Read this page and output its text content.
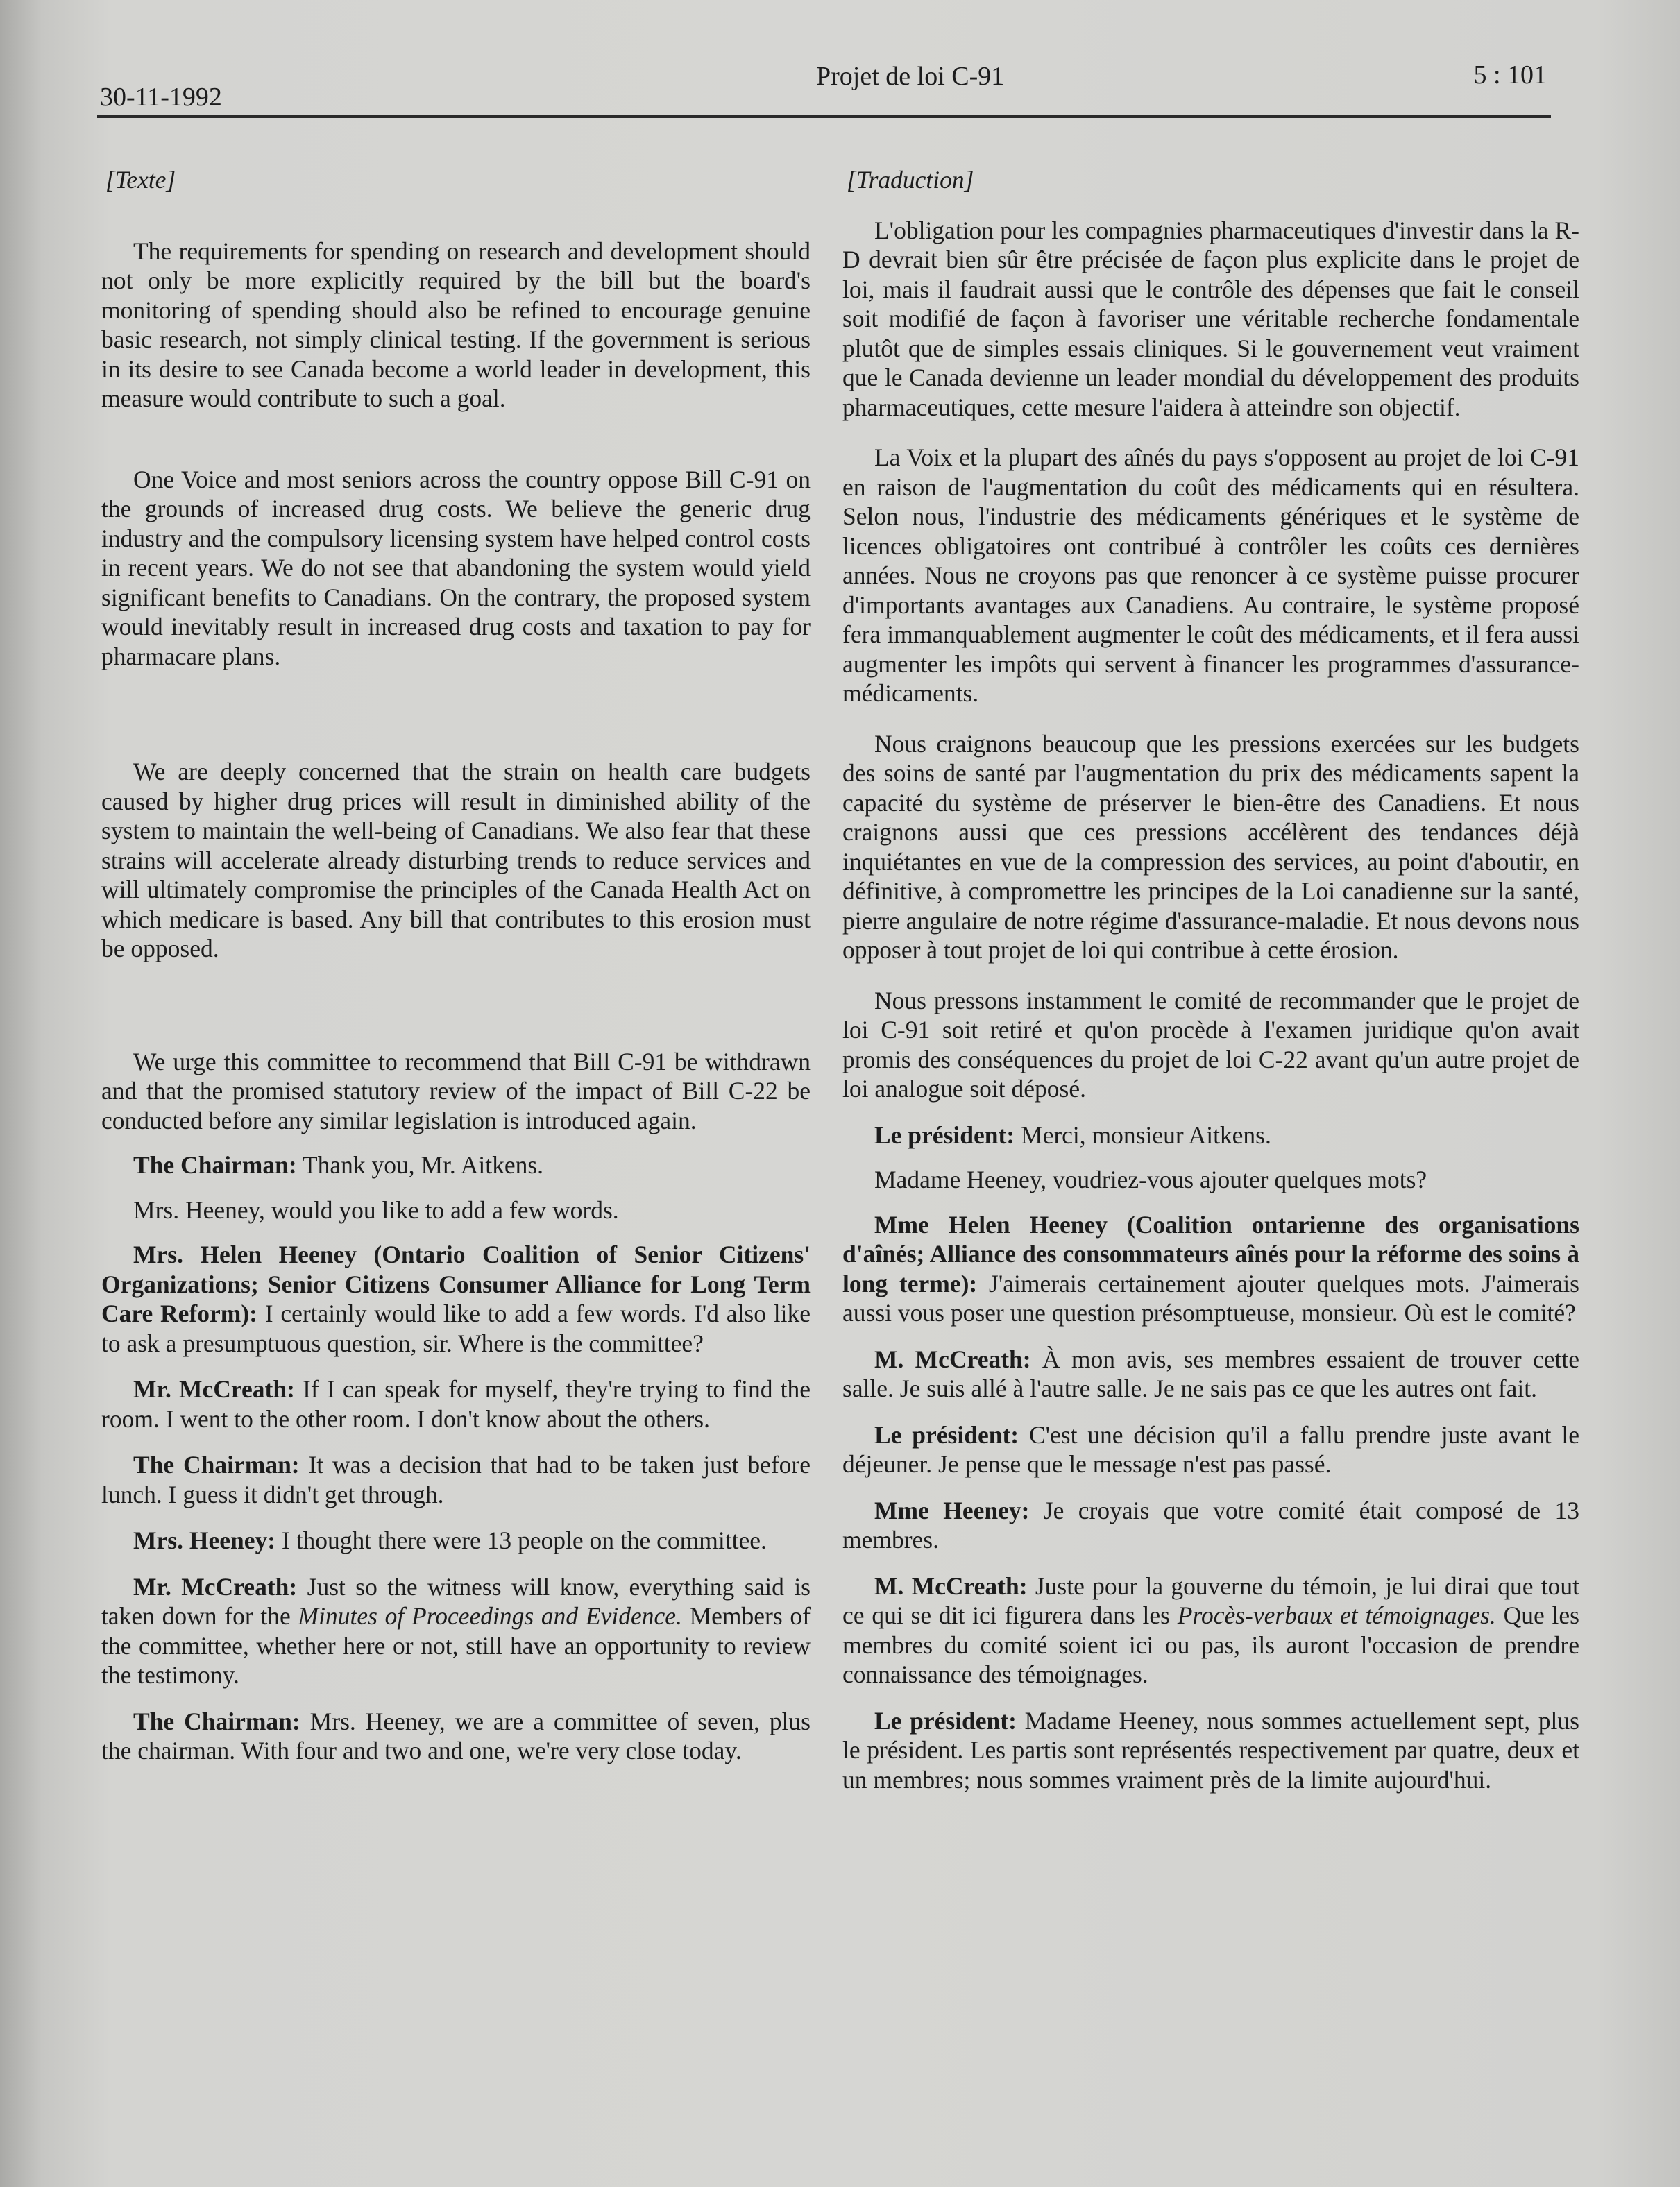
30-11-1992
Projet de loi C-91	5 : 101
[Texte]

The requirements for spending on research and development should not only be more explicitly required by the bill but the board's monitoring of spending should also be refined to encourage genuine basic research, not simply clinical testing. If the government is serious in its desire to see Canada become a world leader in development, this measure would contribute to such a goal.

One Voice and most seniors across the country oppose Bill C-91 on the grounds of increased drug costs. We believe the generic drug industry and the compulsory licensing system have helped control costs in recent years. We do not see that abandoning the system would yield significant benefits to Canadians. On the contrary, the proposed system would inevitably result in increased drug costs and taxation to pay for pharmacare plans.

We are deeply concerned that the strain on health care budgets caused by higher drug prices will result in diminished ability of the system to maintain the well-being of Canadians. We also fear that these strains will accelerate already disturbing trends to reduce services and will ultimately compromise the principles of the Canada Health Act on which medicare is based. Any bill that contributes to this erosion must be opposed.

We urge this committee to recommend that Bill C-91 be withdrawn and that the promised statutory review of the impact of Bill C-22 be conducted before any similar legislation is introduced again.

The Chairman: Thank you, Mr. Aitkens.

Mrs. Heeney, would you like to add a few words.

Mrs. Helen Heeney (Ontario Coalition of Senior Citizens' Organizations; Senior Citizens Consumer Alliance for Long Term Care Reform): I certainly would like to add a few words. I'd also like to ask a presumptuous question, sir. Where is the committee?

Mr. McCreath: If I can speak for myself, they're trying to find the room. I went to the other room. I don't know about the others.

The Chairman: It was a decision that had to be taken just before lunch. I guess it didn't get through.

Mrs. Heeney: I thought there were 13 people on the committee.

Mr. McCreath: Just so the witness will know, everything said is taken down for the Minutes of Proceedings and Evidence. Members of the committee, whether here or not, still have an opportunity to review the testimony.

The Chairman: Mrs. Heeney, we are a committee of seven, plus the chairman. With four and two and one, we're very close today.

[Traduction]

L'obligation pour les compagnies pharmaceutiques d'investir dans la R-D devrait bien sûr être précisée de façon plus explicite dans le projet de loi, mais il faudrait aussi que le contrôle des dépenses que fait le conseil soit modifié de façon à favoriser une véritable recherche fondamentale plutôt que de simples essais cliniques. Si le gouvernement veut vraiment que le Canada devienne un leader mondial du développement des produits pharmaceutiques, cette mesure l'aidera à atteindre son objectif.

La Voix et la plupart des aînés du pays s'opposent au projet de loi C-91 en raison de l'augmentation du coût des médicaments qui en résultera. Selon nous, l'industrie des médicaments génériques et le système de licences obligatoires ont contribué à contrôler les coûts ces dernières années. Nous ne croyons pas que renoncer à ce système puisse procurer d'importants avantages aux Canadiens. Au contraire, le système proposé fera immanquablement augmenter le coût des médicaments, et il fera aussi augmenter les impôts qui servent à financer les programmes d'assurance-médicaments.

Nous craignons beaucoup que les pressions exercées sur les budgets des soins de santé par l'augmentation du prix des médicaments sapent la capacité du système de préserver le bien-être des Canadiens. Et nous craignons aussi que ces pressions accélèrent des tendances déjà inquiétantes en vue de la compression des services, au point d'aboutir, en définitive, à compromettre les principes de la Loi canadienne sur la santé, pierre angulaire de notre régime d'assurance-maladie. Et nous devons nous opposer à tout projet de loi qui contribue à cette érosion.

Nous pressons instamment le comité de recommander que le projet de loi C-91 soit retiré et qu'on procède à l'examen juridique qu'on avait promis des conséquences du projet de loi C-22 avant qu'un autre projet de loi analogue soit déposé.

Le président: Merci, monsieur Aitkens.

Madame Heeney, voudriez-vous ajouter quelques mots?

Mme Helen Heeney (Coalition ontarienne des organisations d'aînés; Alliance des consommateurs aînés pour la réforme des soins à long terme): J'aimerais certainement ajouter quelques mots. J'aimerais aussi vous poser une question présomptueuse, monsieur. Où est le comité?

M. McCreath: À mon avis, ses membres essaient de trouver cette salle. Je suis allé à l'autre salle. Je ne sais pas ce que les autres ont fait.

Le président: C'est une décision qu'il a fallu prendre juste avant le déjeuner. Je pense que le message n'est pas passé.

Mme Heeney: Je croyais que votre comité était composé de 13 membres.

M. McCreath: Juste pour la gouverne du témoin, je lui dirai que tout ce qui se dit ici figurera dans les Procès-verbaux et témoignages. Que les membres du comité soient ici ou pas, ils auront l'occasion de prendre connaissance des témoignages.

Le président: Madame Heeney, nous sommes actuellement sept, plus le président. Les partis sont représentés respectivement par quatre, deux et un membres; nous sommes vraiment près de la limite aujourd'hui.
